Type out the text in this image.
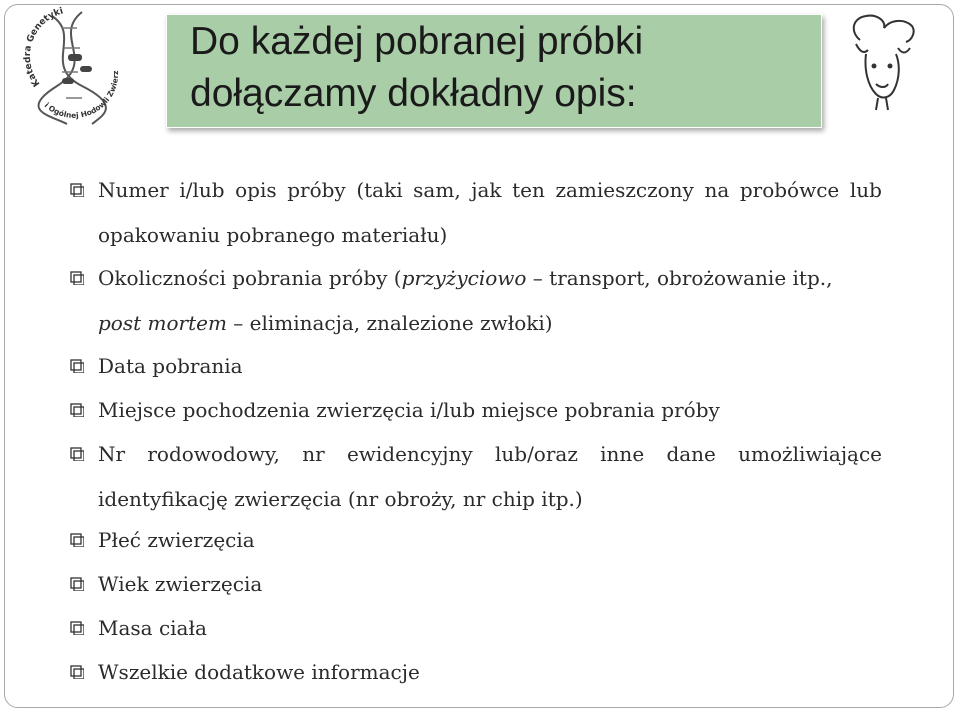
Katedra Genetyki
i Ogólnej Hodowli Zwierz
Do każdej pobranej próbki
dołączamy dokładny opis:
Numer i/lub opis próby (taki sam, jak ten zamieszczony na probówce lub
opakowaniu pobranego materiału)
Okoliczności pobrania próby (przyżyciowo – transport, obrożowanie itp.,
post mortem – eliminacja, znalezione zwłoki)
Data pobrania
Miejsce pochodzenia zwierzęcia i/lub miejsce pobrania próby
Nr rodowodowy, nr ewidencyjny lub/oraz inne dane umożliwiające
identyfikację zwierzęcia (nr obroży, nr chip itp.)
Płeć zwierzęcia
Wiek zwierzęcia
Masa ciała
Wszelkie dodatkowe informacje
